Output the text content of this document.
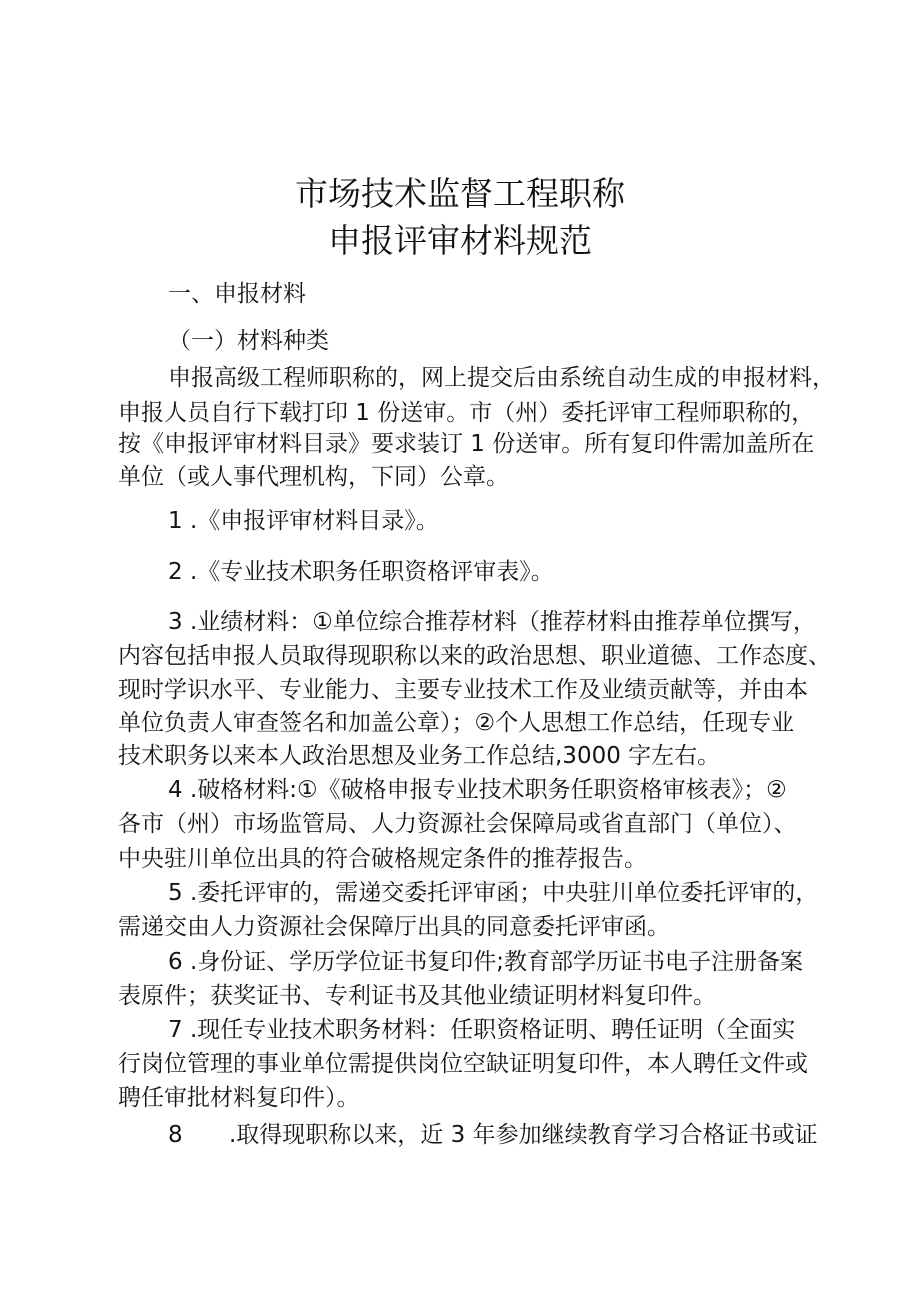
市场技术监督工程职称
申报评审材料规范
一、申报材料
（一）材料种类
申报高级工程师职称的，网上提交后由系统自动生成的申报材料，
申报人员自行下载打印 1 份送审。市（州）委托评审工程师职称的，
按《申报评审材料目录》要求装订 1 份送审。所有复印件需加盖所在
单位（或人事代理机构，下同）公章。
1 .《申报评审材料目录》。
2 .《专业技术职务任职资格评审表》。
3 .业绩材料：①单位综合推荐材料（推荐材料由推荐单位撰写，
内容包括申报人员取得现职称以来的政治思想、职业道德、工作态度、
现时学识水平、专业能力、主要专业技术工作及业绩贡献等，并由本
单位负责人审查签名和加盖公章）；②个人思想工作总结，任现专业
技术职务以来本人政治思想及业务工作总结,3000 字左右。
4 .破格材料:①《破格申报专业技术职务任职资格审核表》；②
各市（州）市场监管局、人力资源社会保障局或省直部门（单位）、
中央驻川单位出具的符合破格规定条件的推荐报告。
5 .委托评审的，需递交委托评审函；中央驻川单位委托评审的，
需递交由人力资源社会保障厅出具的同意委托评审函。
6 .身份证、学历学位证书复印件;教育部学历证书电子注册备案
表原件；获奖证书、专利证书及其他业绩证明材料复印件。
7 .现任专业技术职务材料：任职资格证明、聘任证明（全面实
行岗位管理的事业单位需提供岗位空缺证明复印件，本人聘任文件或
聘任审批材料复印件）。
8 .取得现职称以来，近 3 年参加继续教育学习合格证书或证
